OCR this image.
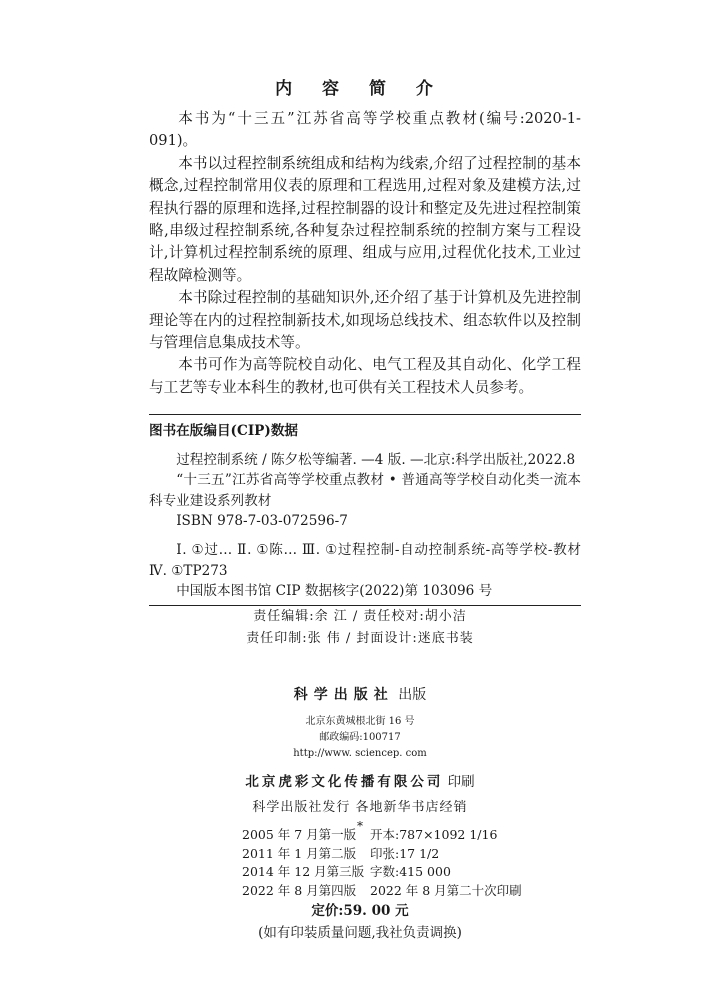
内 容 简 介

本书为“十三五”江苏省高等学校重点教材(编号:2020-1-091)。

本书以过程控制系统组成和结构为线索,介绍了过程控制的基本概念,过程控制常用仪表的原理和工程选用,过程对象及建模方法,过程执行器的原理和选择,过程控制器的设计和整定及先进过程控制策略,串级过程控制系统,各种复杂过程控制系统的控制方案与工程设计,计算机过程控制系统的原理、组成与应用,过程优化技术,工业过程故障检测等。

本书除过程控制的基础知识外,还介绍了基于计算机及先进控制理论等在内的过程控制新技术,如现场总线技术、组态软件以及控制与管理信息集成技术等。

本书可作为高等院校自动化、电气工程及其自动化、化学工程与工艺等专业本科生的教材,也可供有关工程技术人员参考。

图书在版编目(CIP)数据

过程控制系统 / 陈夕松等编著. —4 版. —北京:科学出版社,2022.8

“十三五”江苏省高等学校重点教材 • 普通高等学校自动化类一流本科专业建设系列教材

ISBN 978-7-03-072596-7

Ⅰ. ①过… Ⅱ. ①陈… Ⅲ. ①过程控制-自动控制系统-高等学校-教材 Ⅳ. ①TP273

中国版本图书馆 CIP 数据核字(2022)第 103096 号

责任编辑:余 江 / 责任校对:胡小洁
责任印制:张 伟 / 封面设计:迷底书装
科学出版社 出版
北京东黄城根北街 16 号
邮政编码:100717
http://www. sciencep. com
北京虎彩文化传播有限公司 印刷
科学出版社发行 各地新华书店经销
*
2005 年 7 月第一版	开本:787×1092 1/16
2011 年 1 月第二版	印张:17 1/2
2014 年 12 月第三版	字数:415 000
2022 年 8 月第四版	2022 年 8 月第二十次印刷
定价:59. 00 元
(如有印装质量问题,我社负责调换)
